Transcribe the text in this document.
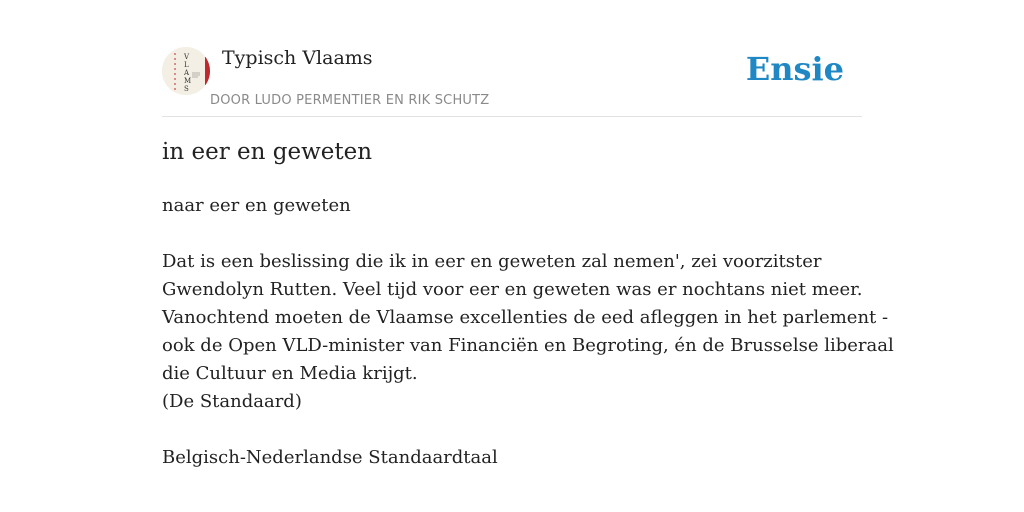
V
L
A
M
S
Typisch Vlaams
DOOR LUDO PERMENTIER EN RIK SCHUTZ
Ensie
in eer en geweten
naar eer en geweten
Dat is een beslissing die ik in eer en geweten zal nemen', zei voorzitster
Gwendolyn Rutten. Veel tijd voor eer en geweten was er nochtans niet meer.
Vanochtend moeten de Vlaamse excellenties de eed afleggen in het parlement -
ook de Open VLD-minister van Financiën en Begroting, én de Brusselse liberaal
die Cultuur en Media krijgt.
(De Standaard)
Belgisch-Nederlandse Standaardtaal
